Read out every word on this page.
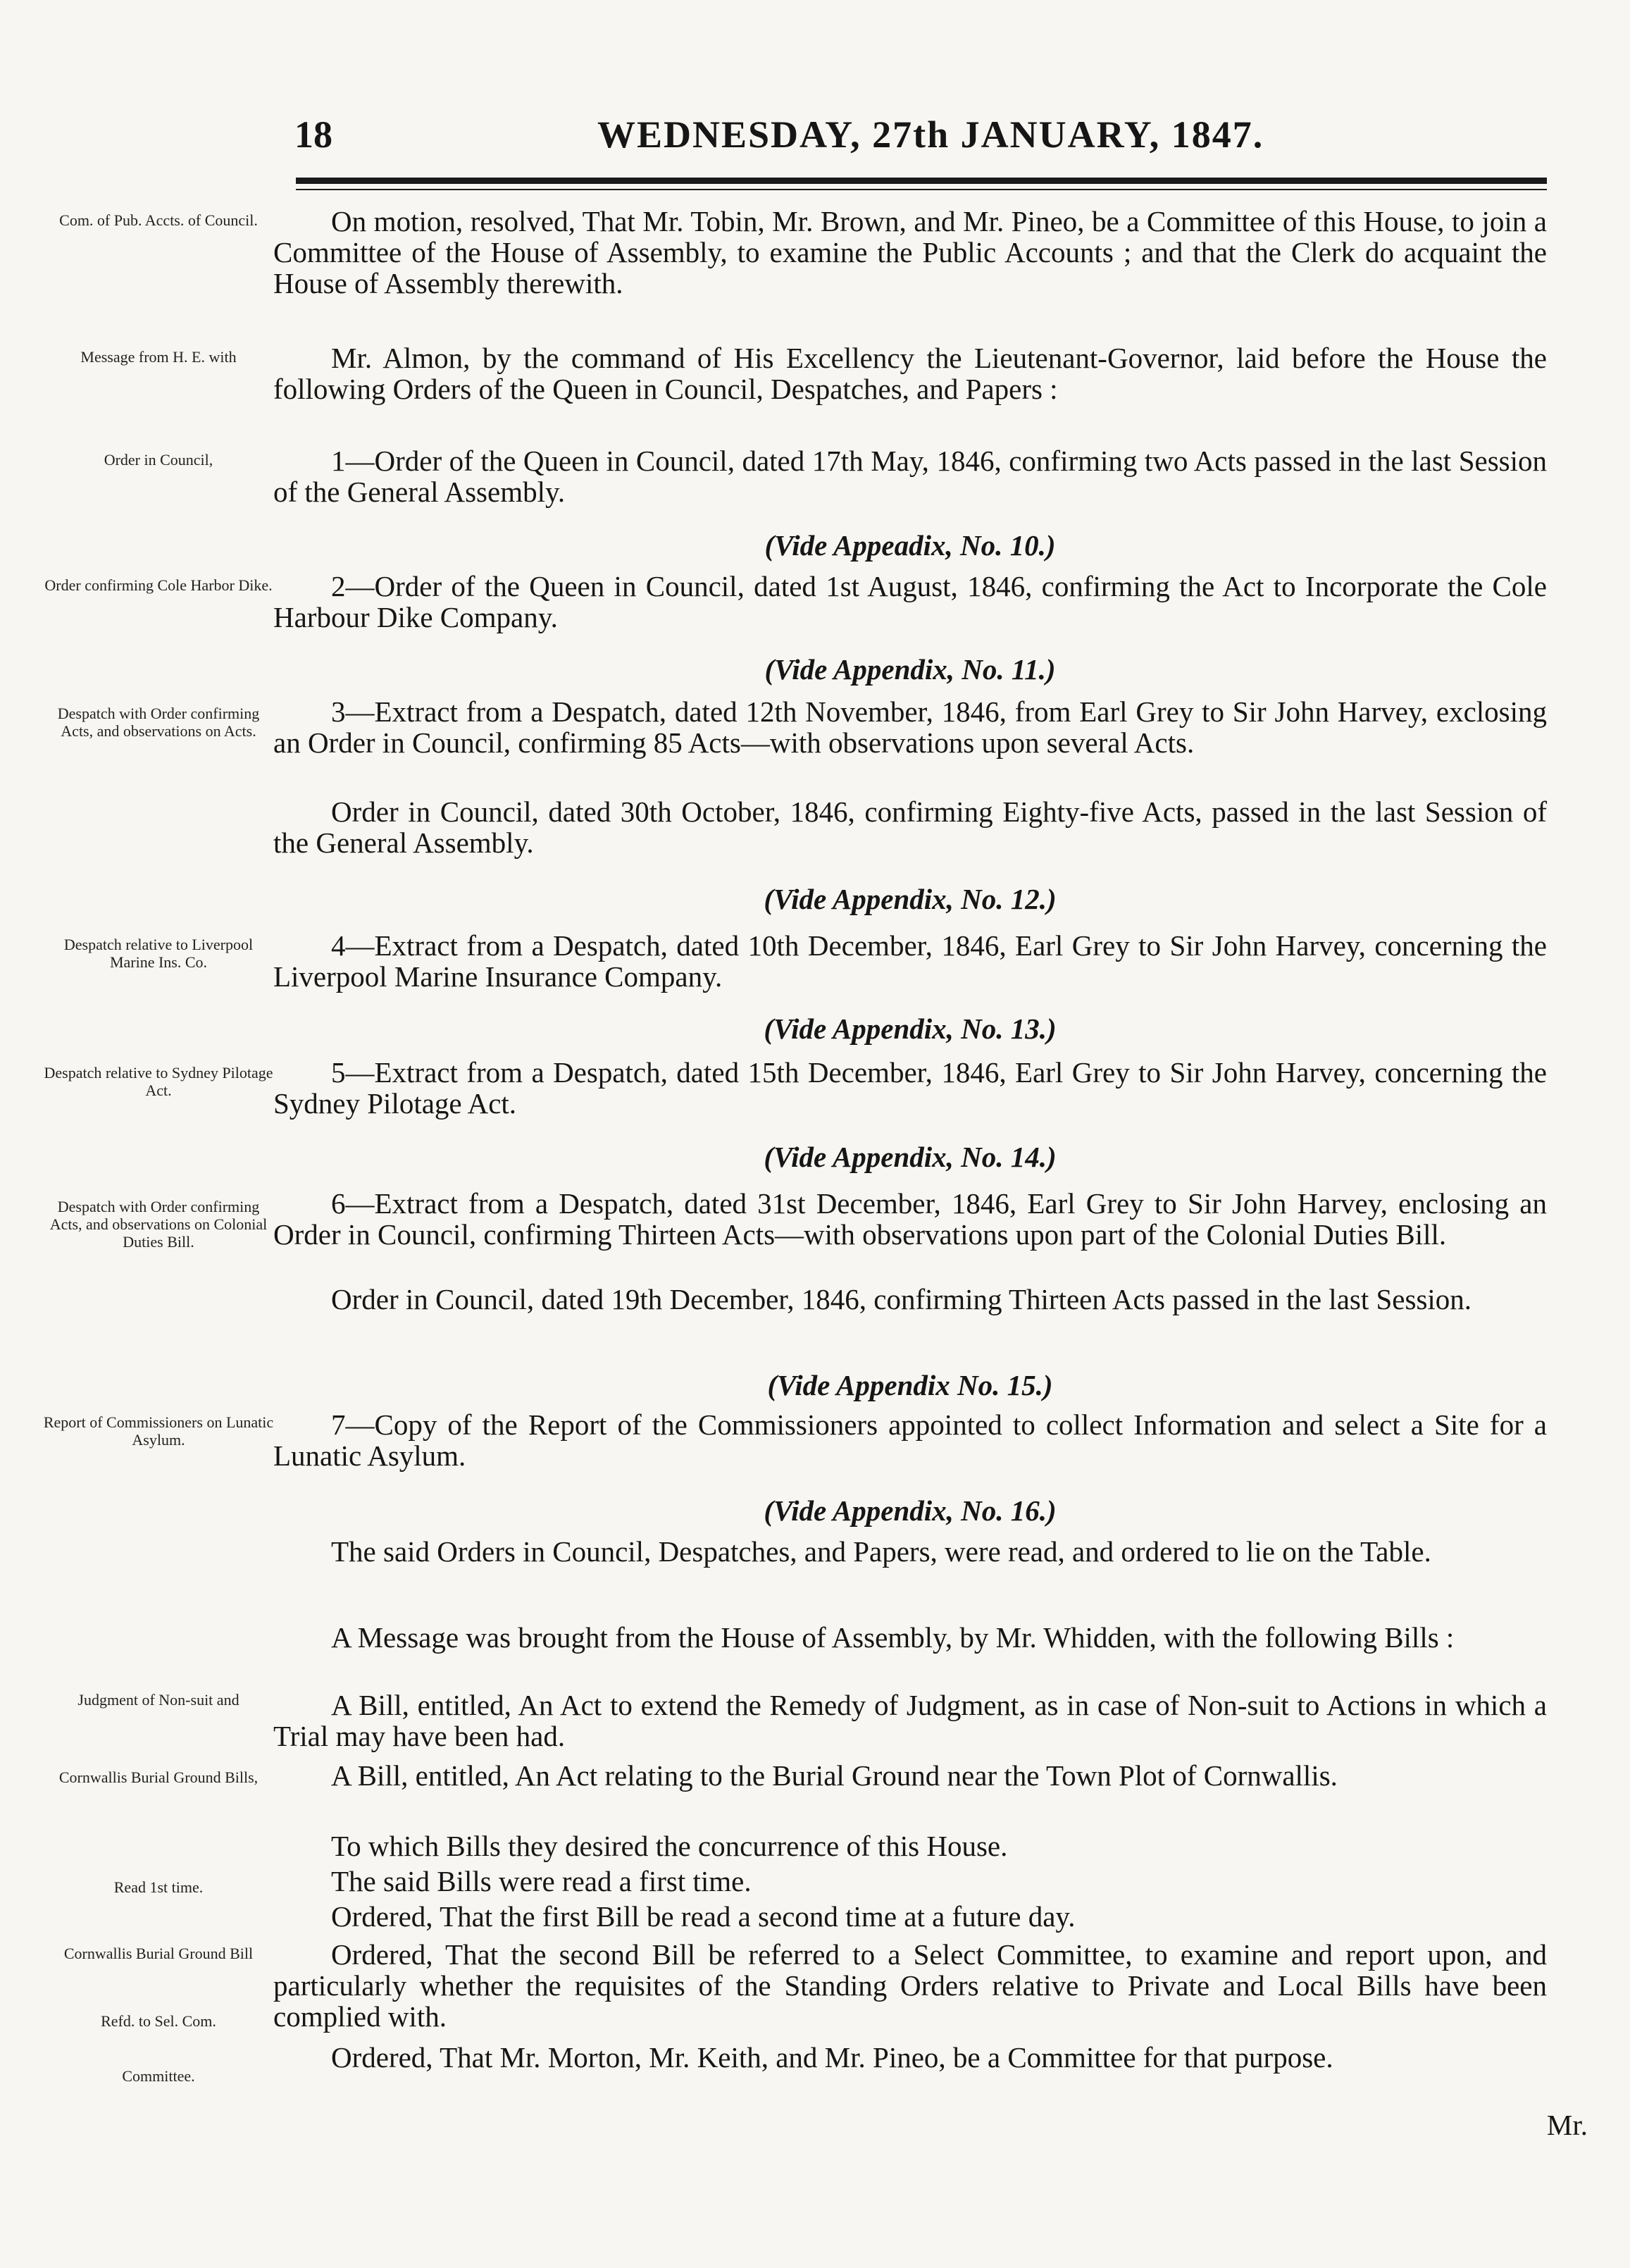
18	WEDNESDAY, 27th JANUARY, 1847.
Com. of Pub. Accts. of Council.
Message from H. E. with
Order in Council,
Order confirming Cole Harbor Dike.
Despatch with Order confirming Acts, and observations on Acts.
Despatch relative to Liverpool Marine Ins. Co.
Despatch relative to Sydney Pilotage Act.
Despatch with Order confirming Acts, and observations on Colonial Duties Bill.
Report of Commissioners on Lunatic Asylum.
Judgment of Non-suit and
Cornwallis Burial Ground Bills,
Read 1st time.
Cornwallis Burial Ground Bill
Refd. to Sel. Com.
Committee.
On motion, resolved, That Mr. Tobin, Mr. Brown, and Mr. Pineo, be a Committee of this House, to join a Committee of the House of Assembly, to examine the Public Accounts ; and that the Clerk do acquaint the House of Assembly therewith.
Mr. Almon, by the command of His Excellency the Lieutenant-Governor, laid before the House the following Orders of the Queen in Council, Despatches, and Papers :
1—Order of the Queen in Council, dated 17th May, 1846, confirming two Acts passed in the last Session of the General Assembly.
(Vide Appeadix, No. 10.)
2—Order of the Queen in Council, dated 1st August, 1846, confirming the Act to Incorporate the Cole Harbour Dike Company.
(Vide Appendix, No. 11.)
3—Extract from a Despatch, dated 12th November, 1846, from Earl Grey to Sir John Harvey, exclosing an Order in Council, confirming 85 Acts—with observations upon several Acts.
Order in Council, dated 30th October, 1846, confirming Eighty-five Acts, passed in the last Session of the General Assembly.
(Vide Appendix, No. 12.)
4—Extract from a Despatch, dated 10th December, 1846, Earl Grey to Sir John Harvey, concerning the Liverpool Marine Insurance Company.
(Vide Appendix, No. 13.)
5—Extract from a Despatch, dated 15th December, 1846, Earl Grey to Sir John Harvey, concerning the Sydney Pilotage Act.
(Vide Appendix, No. 14.)
6—Extract from a Despatch, dated 31st December, 1846, Earl Grey to Sir John Harvey, enclosing an Order in Council, confirming Thirteen Acts—with observations upon part of the Colonial Duties Bill.
Order in Council, dated 19th December, 1846, confirming Thirteen Acts passed in the last Session.
(Vide Appendix No. 15.)
7—Copy of the Report of the Commissioners appointed to collect Information and select a Site for a Lunatic Asylum.
(Vide Appendix, No. 16.)
The said Orders in Council, Despatches, and Papers, were read, and ordered to lie on the Table.
A Message was brought from the House of Assembly, by Mr. Whidden, with the following Bills :
A Bill, entitled, An Act to extend the Remedy of Judgment, as in case of Non-suit to Actions in which a Trial may have been had.
A Bill, entitled, An Act relating to the Burial Ground near the Town Plot of Cornwallis.
To which Bills they desired the concurrence of this House.
The said Bills were read a first time.
Ordered, That the first Bill be read a second time at a future day.
Ordered, That the second Bill be referred to a Select Committee, to examine and report upon, and particularly whether the requisites of the Standing Orders relative to Private and Local Bills have been complied with.
Ordered, That Mr. Morton, Mr. Keith, and Mr. Pineo, be a Committee for that purpose.
Mr.
